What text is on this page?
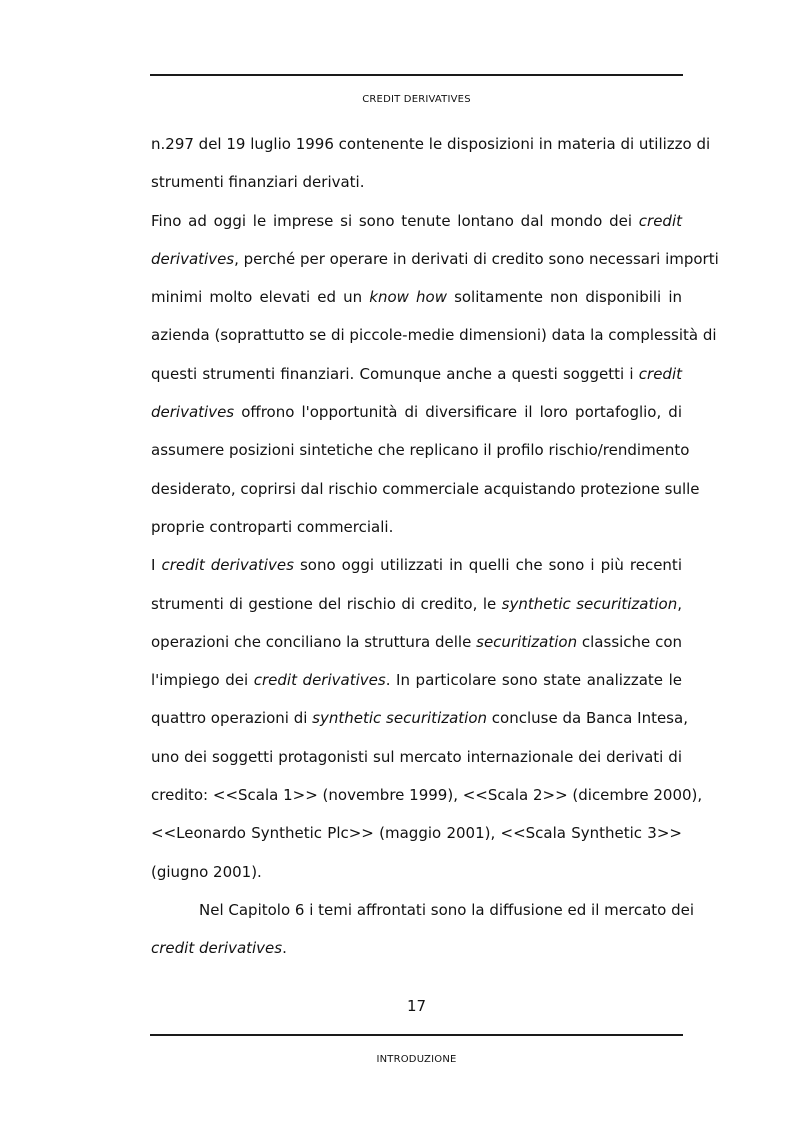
CREDIT DERIVATIVES
n.297 del 19 luglio 1996 contenente le disposizioni in materia di utilizzo di
strumenti finanziari derivati.
Fino ad oggi le imprese si sono tenute lontano dal mondo dei credit
derivatives, perché per operare in derivati di credito sono necessari importi
minimi molto elevati ed un know how solitamente non disponibili in
azienda (soprattutto se di piccole-medie dimensioni) data la complessità di
questi strumenti finanziari. Comunque anche a questi soggetti i credit
derivatives offrono l'opportunità di diversificare il loro portafoglio, di
assumere posizioni sintetiche che replicano il profilo rischio/rendimento
desiderato, coprirsi dal rischio commerciale acquistando protezione sulle
proprie controparti commerciali.
I credit derivatives sono oggi utilizzati in quelli che sono i più recenti
strumenti di gestione del rischio di credito, le synthetic securitization,
operazioni che conciliano la struttura delle securitization classiche con
l'impiego dei credit derivatives. In particolare sono state analizzate le
quattro operazioni di synthetic securitization concluse da Banca Intesa,
uno dei soggetti protagonisti sul mercato internazionale dei derivati di
credito: <<Scala 1>> (novembre 1999), <<Scala 2>> (dicembre 2000),
<<Leonardo Synthetic Plc>> (maggio 2001), <<Scala Synthetic 3>>
(giugno 2001).
Nel Capitolo 6 i temi affrontati sono la diffusione ed il mercato dei
credit derivatives.
17
INTRODUZIONE
